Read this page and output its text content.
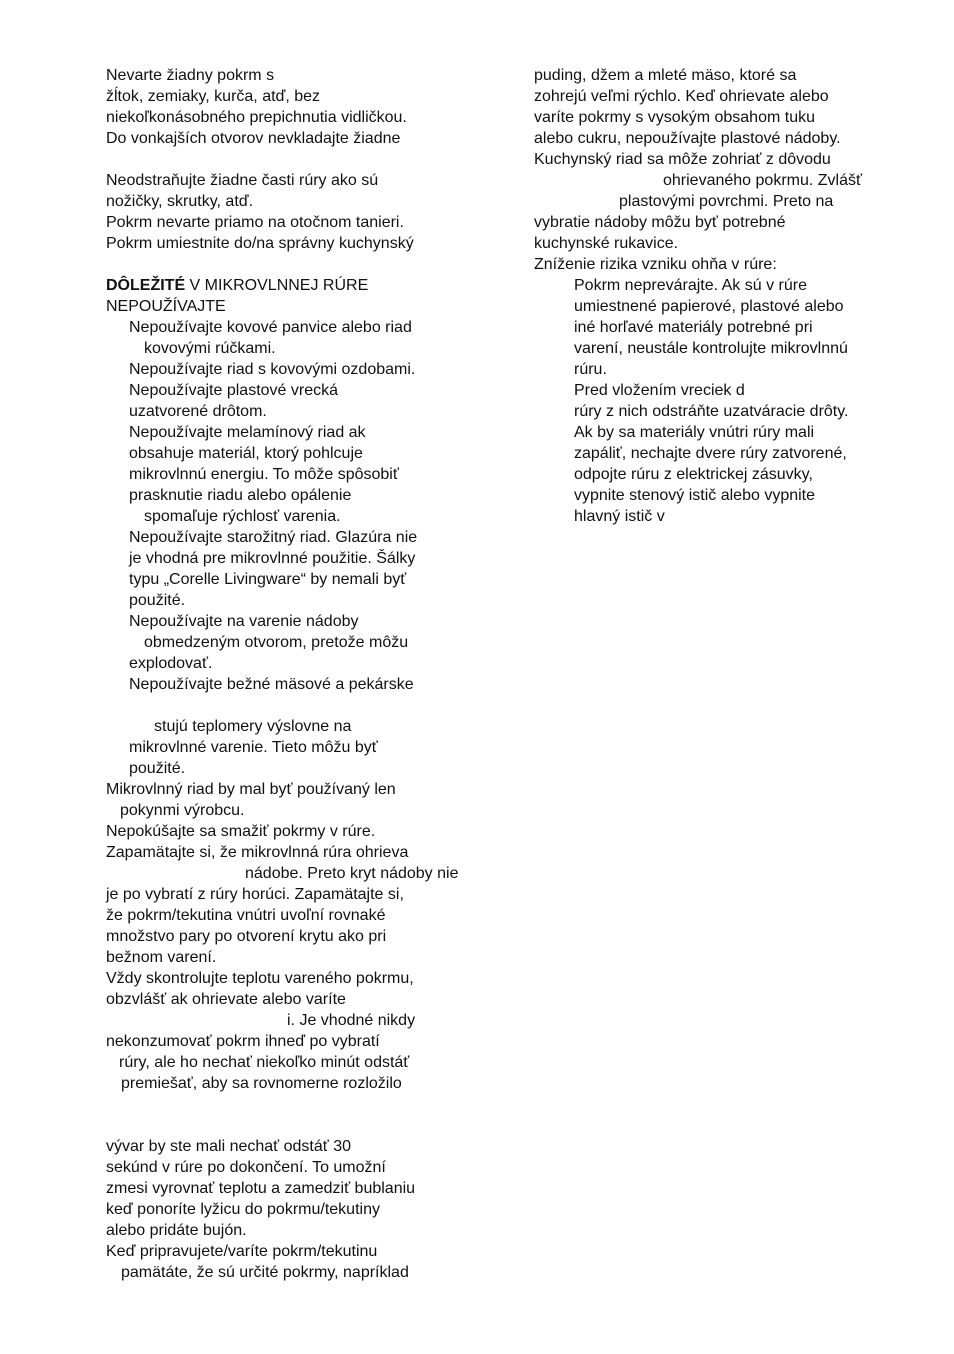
Nevarte žiadny pokrm s
žĺtok, zemiaky, kurča, atď, bez
niekoľkonásobného prepichnutia vidličkou.
Do vonkajších otvorov nevkladajte žiadne
Neodstraňujte žiadne časti rúry ako sú
nožičky, skrutky, atď.
Pokrm nevarte priamo na otočnom tanieri.
Pokrm umiestnite do/na správny kuchynský
DÔLEŽITÉ V MIKROVLNNEJ RÚRE
NEPOUŽÍVAJTE
Nepoužívajte kovové panvice alebo riad
kovovými rúčkami.
Nepoužívajte riad s kovovými ozdobami.
Nepoužívajte plastové vrecká
uzatvorené drôtom.
Nepoužívajte melamínový riad ak
obsahuje materiál, ktorý pohlcuje
mikrovlnnú energiu. To môže spôsobiť
prasknutie riadu alebo opálenie
spomaľuje rýchlosť varenia.
Nepoužívajte starožitný riad. Glazúra nie
je vhodná pre mikrovlnné použitie. Šálky
typu „Corelle Livingware“ by nemali byť
použité.
Nepoužívajte na varenie nádoby
obmedzeným otvorom, pretože môžu
explodovať.
Nepoužívajte bežné mäsové a pekárske
stujú teplomery výslovne na
mikrovlnné varenie. Tieto môžu byť
použité.
Mikrovlnný riad by mal byť používaný len
pokynmi výrobcu.
Nepokúšajte sa smažiť pokrmy v rúre.
Zapamätajte si, že mikrovlnná rúra ohrieva
nádobe. Preto kryt nádoby nie
je po vybratí z rúry horúci. Zapamätajte si,
že pokrm/tekutina vnútri uvoľní rovnaké
množstvo pary po otvorení krytu ako pri
bežnom varení.
Vždy skontrolujte teplotu vareného pokrmu,
obzvlášť ak ohrievate alebo varíte
i. Je vhodné nikdy
nekonzumovať pokrm ihneď po vybratí
rúry, ale ho nechať niekoľko minút odstáť
premiešať, aby sa rovnomerne rozložilo
vývar by ste mali nechať odstáť 30
sekúnd v rúre po dokončení. To umožní
zmesi vyrovnať teplotu a zamedziť bublaniu
keď ponoríte lyžicu do pokrmu/tekutiny
alebo pridáte bujón.
Keď pripravujete/varíte pokrm/tekutinu
pamätáte, že sú určité pokrmy, napríklad
puding, džem a mleté mäso, ktoré sa
zohrejú veľmi rýchlo. Keď ohrievate alebo
varíte pokrmy s vysokým obsahom tuku
alebo cukru, nepoužívajte plastové nádoby.
Kuchynský riad sa môže zohriať z dôvodu
ohrievaného pokrmu. Zvlášť
plastovými povrchmi. Preto na
vybratie nádoby môžu byť potrebné
kuchynské rukavice.
Zníženie rizika vzniku ohňa v rúre:
Pokrm neprevárajte. Ak sú v rúre
umiestnené papierové, plastové alebo
iné horľavé materiály potrebné pri
varení, neustále kontrolujte mikrovlnnú
rúru.
Pred vložením vreciek d
rúry z nich odstráňte uzatváracie drôty.
Ak by sa materiály vnútri rúry mali
zapáliť, nechajte dvere rúry zatvorené,
odpojte rúru z elektrickej zásuvky,
vypnite stenový istič alebo vypnite
hlavný istič v
